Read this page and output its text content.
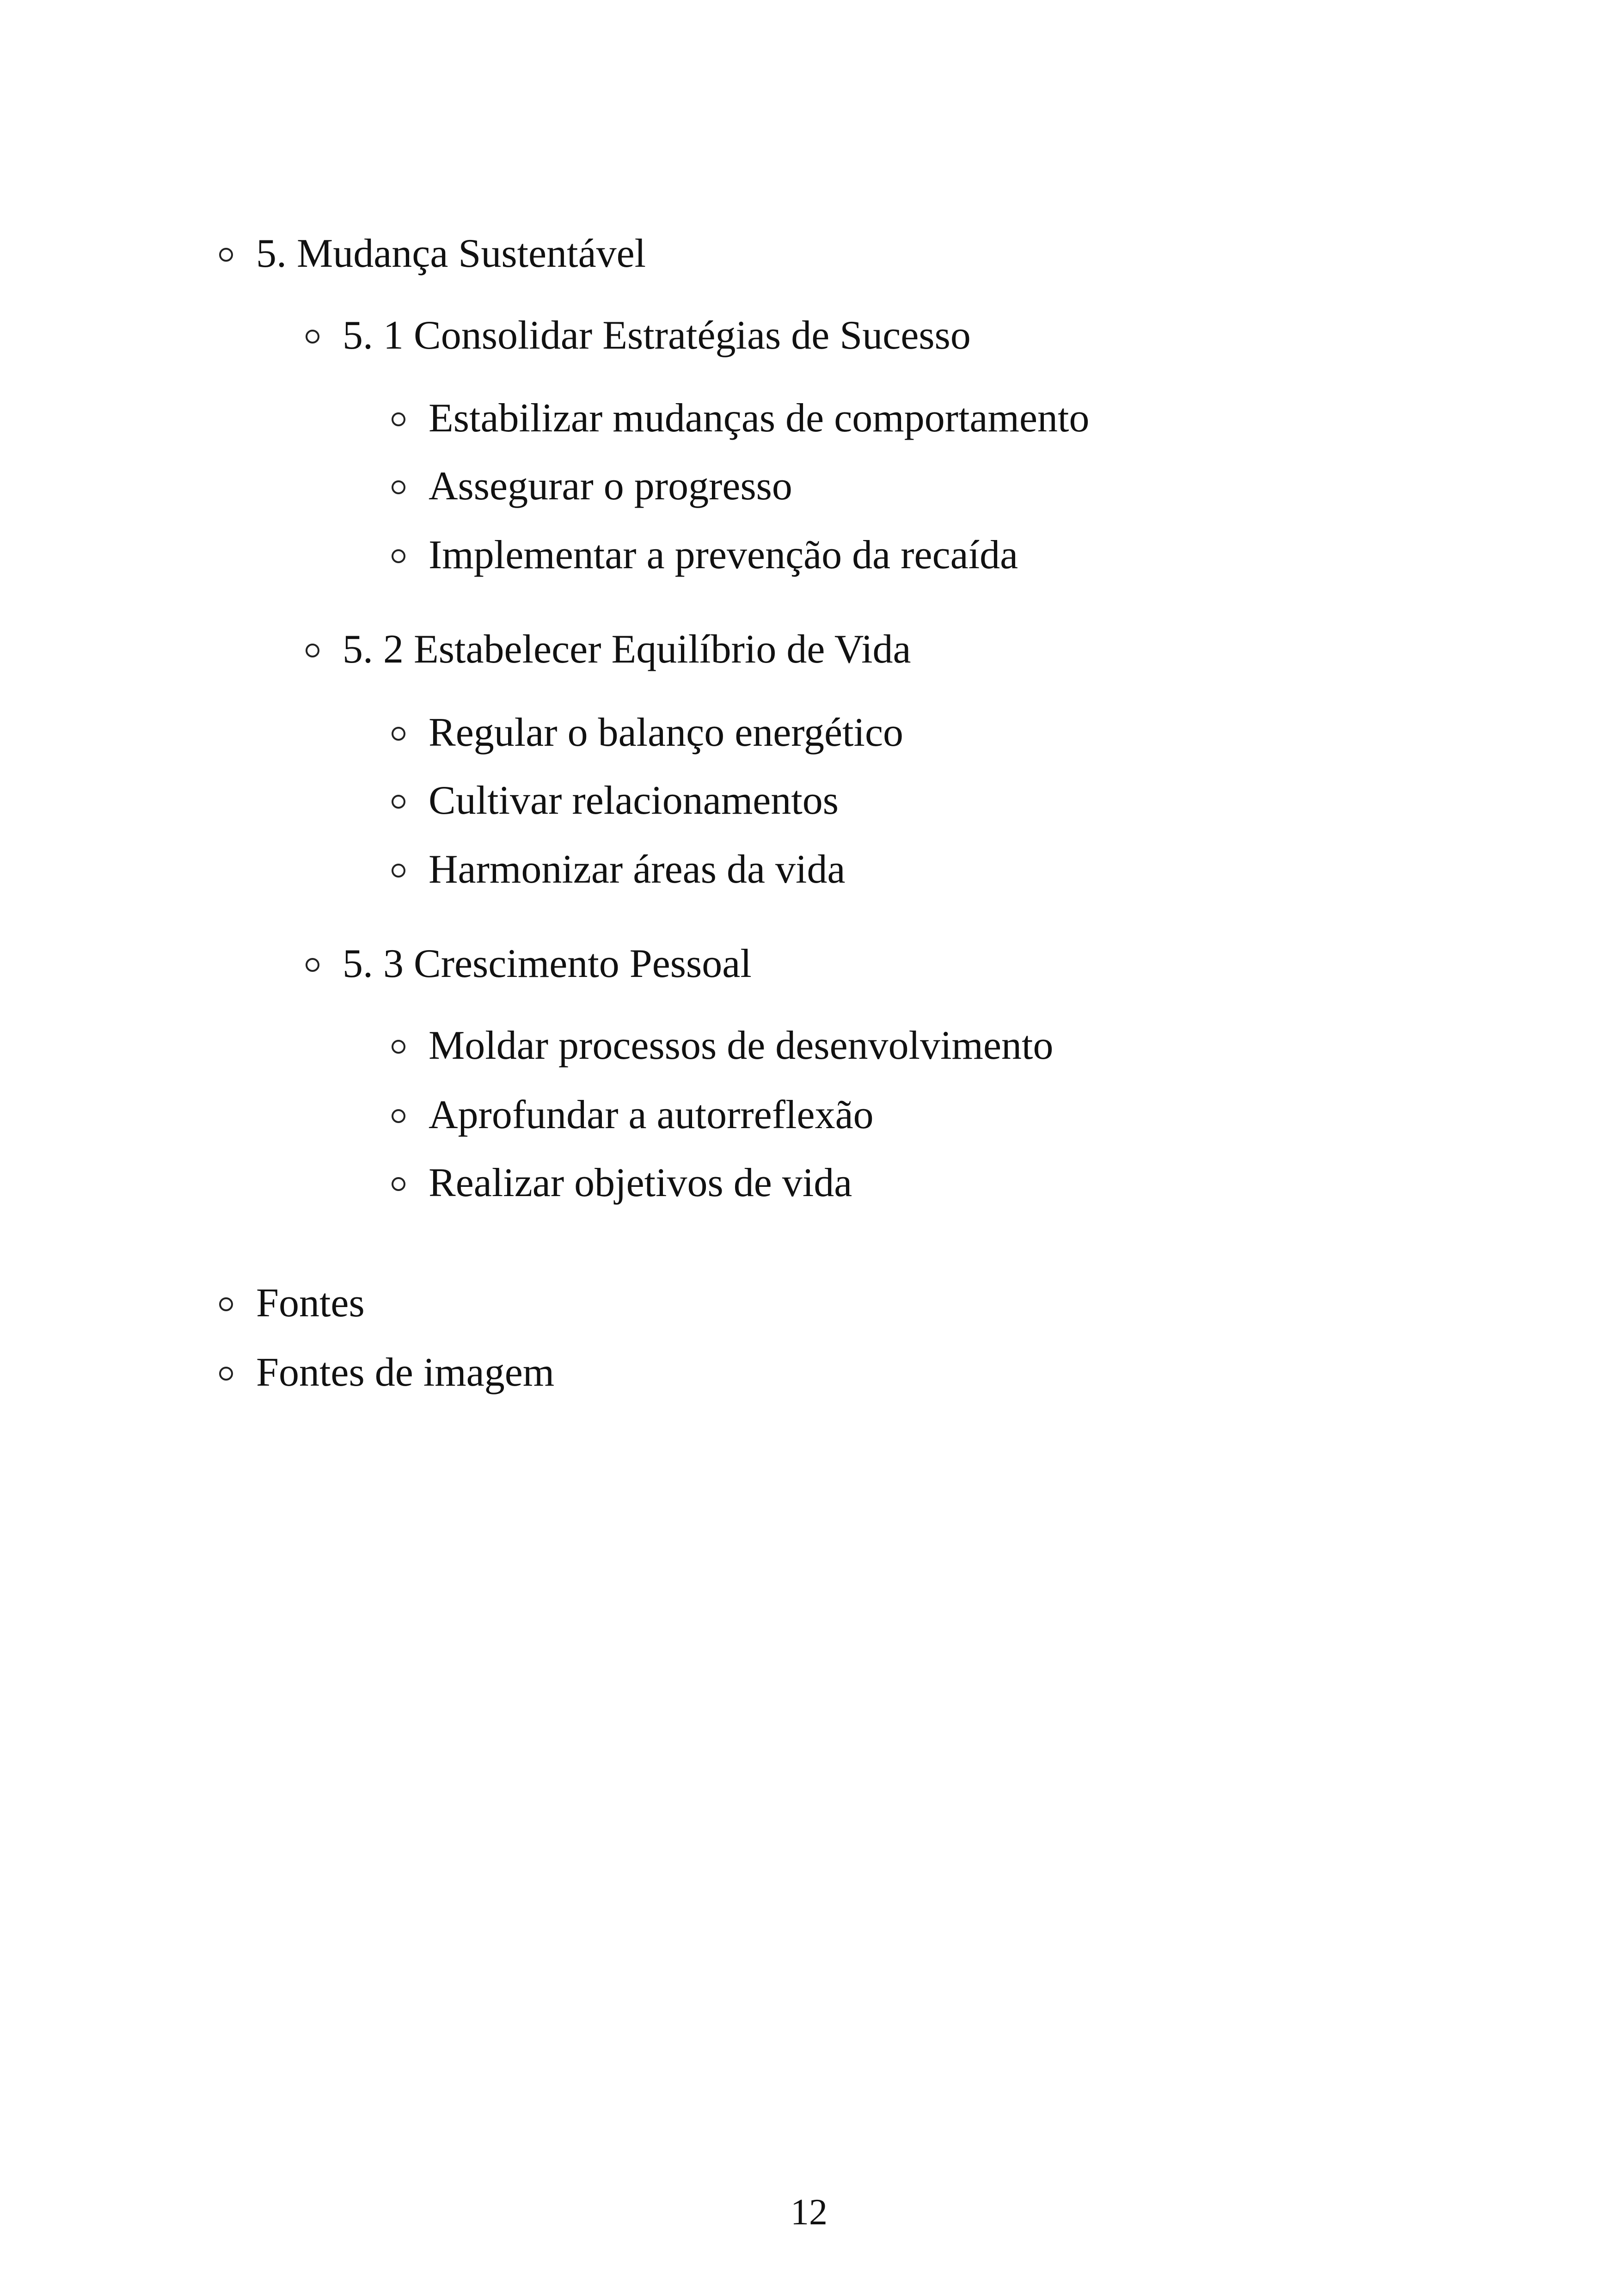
5. Mudança Sustentável
5. 1 Consolidar Estratégias de Sucesso
Estabilizar mudanças de comportamento
Assegurar o progresso
Implementar a prevenção da recaída
5. 2 Estabelecer Equilíbrio de Vida
Regular o balanço energético
Cultivar relacionamentos
Harmonizar áreas da vida
5. 3 Crescimento Pessoal
Moldar processos de desenvolvimento
Aprofundar a autorreflexão
Realizar objetivos de vida
Fontes
Fontes de imagem
12
